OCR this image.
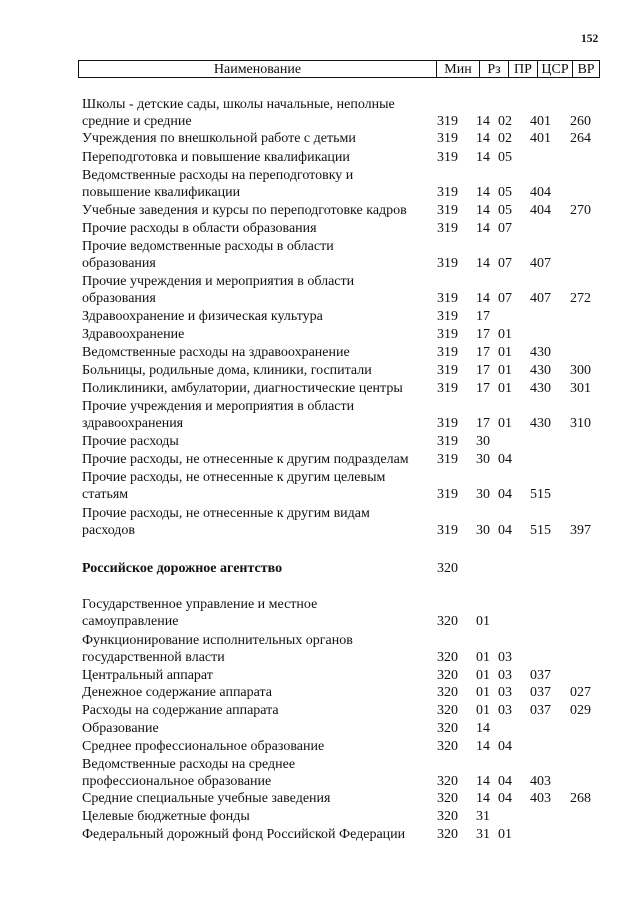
152
Наименование	Мин	Рз ПР ЦСР ВР
Школы - детские сады, школы начальные, неполные
средние и средние	319 14 02 401 260
Учреждения по внешкольной работе с детьми	319 14 02 401 264
Переподготовка и повышение квалификации	319 14 05
Ведомственные расходы на переподготовку и
повышение квалификации	319 14 05 404
Учебные заведения и курсы по переподготовке кадров 319 14 05 404 270
Прочие расходы в области образования	319 14 07
Прочие ведомственные расходы в области
образования	319 14 07 407
Прочие учреждения и мероприятия в области
образования	319 14 07 407 272
Здравоохранение и физическая культура	319 17
Здравоохранение	319 17 01
Ведомственные расходы на здравоохранение	319 17 01 430
Больницы, родильные дома, клиники, госпитали	319 17 01 430 300
Поликлиники, амбулатории, диагностические центры 319 17 01 430 301
Прочие учреждения и мероприятия в области
здравоохранения	319 17 01 430 310
Прочие расходы	319 30
Прочие расходы, не отнесенные к другим подразделам 319 30 04
Прочие расходы, не отнесенные к другим целевым
статьям	319 30 04 515
Прочие расходы, не отнесенные к другим видам
расходов	319 30 04 515 397
Российское дорожное агентство	320
Государственное управление и местное
самоуправление	320 01
Функционирование исполнительных органов
государственной власти	320 01 03
Центральный аппарат	320 01 03 037
Денежное содержание аппарата	320 01 03 037 027
Расходы на содержание аппарата	320 01 03 037 029
Образование	320 14
Среднее профессиональное образование	320 14 04
Ведомственные расходы на среднее
профессиональное образование	320 14 04 403
Средние специальные учебные заведения	320 14 04 403 268
Целевые бюджетные фонды	320 31
Федеральный дорожный фонд Российской Федерации 320 31 01
